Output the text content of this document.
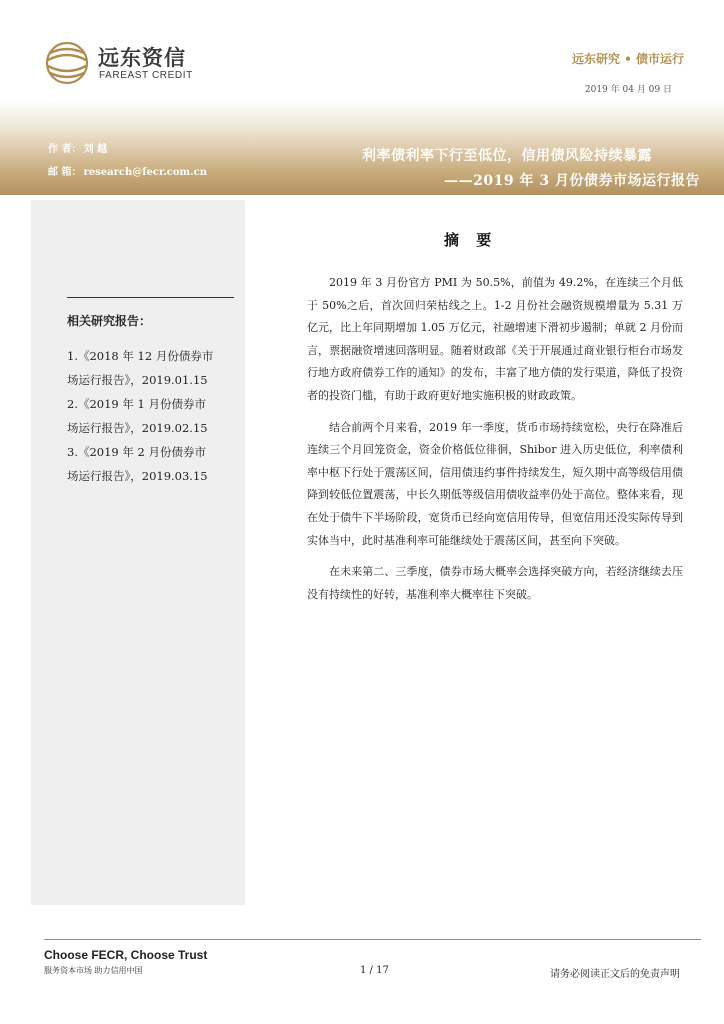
远东资信
FAREAST CREDIT
远东研究 • 债市运行
2019 年 04 月 09 日
作 者： 刘 越
邮 箱： research@fecr.com.cn
利率债利率下行至低位，信用债风险持续暴露
——2019 年 3 月份债券市场运行报告
相关研究报告：
1.《2018 年 12 月份债券市
场运行报告》，2019.01.15
2.《2019 年 1 月份债券市
场运行报告》，2019.02.15
3.《2019 年 2 月份债券市
场运行报告》，2019.03.15
摘 要

2019 年 3 月份官方 PMI 为 50.5%，前值为 49.2%，在连续三个月低于 50%之后，首次回归荣枯线之上。1-2 月份社会融资规模增量为 5.31 万亿元，比上年同期增加 1.05 万亿元，社融增速下滑初步遏制；单就 2 月份而言，票据融资增速回落明显。随着财政部《关于开展通过商业银行柜台市场发行地方政府债券工作的通知》的发布，丰富了地方债的发行渠道，降低了投资者的投资门槛，有助于政府更好地实施积极的财政政策。

结合前两个月来看，2019 年一季度，货币市场持续宽松，央行在降准后连续三个月回笼资金，资金价格低位徘徊，Shibor 进入历史低位，利率债利率中枢下行处于震荡区间，信用债违约事件持续发生，短久期中高等级信用债降到较低位置震荡，中长久期低等级信用债收益率仍处于高位。整体来看，现在处于债牛下半场阶段，宽货币已经向宽信用传导，但宽信用还没实际传导到实体当中，此时基准利率可能继续处于震荡区间，甚至向下突破。

在未来第二、三季度，债券市场大概率会选择突破方向，若经济继续去压没有持续性的好转，基准利率大概率往下突破。

Choose FECR, Choose Trust
服务资本市场 助力信用中国	1 / 17	请务必阅读正文后的免责声明
